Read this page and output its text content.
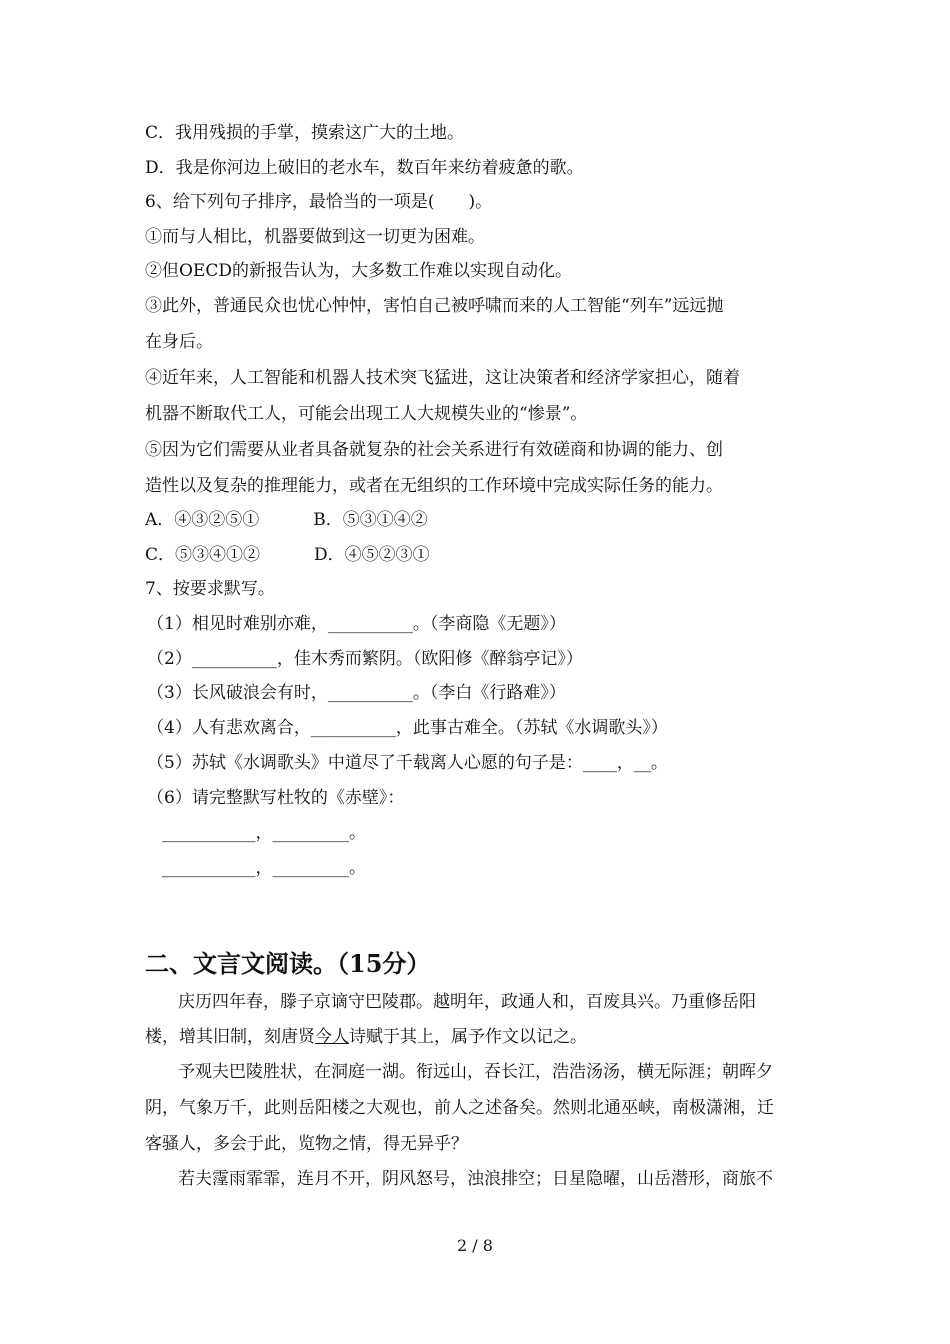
C．我用残损的手掌，摸索这广大的土地。
D．我是你河边上破旧的老水车，数百年来纺着疲惫的歌。
6、给下列句子排序，最恰当的一项是(　　)。
①而与人相比，机器要做到这一切更为困难。
②但OECD的新报告认为，大多数工作难以实现自动化。
③此外，普通民众也忧心忡忡，害怕自己被呼啸而来的人工智能“列车”远远抛
在身后。
④近年来，人工智能和机器人技术突飞猛进，这让决策者和经济学家担心，随着
机器不断取代工人，可能会出现工人大规模失业的“惨景”。
⑤因为它们需要从业者具备就复杂的社会关系进行有效磋商和协调的能力、创
造性以及复杂的推理能力，或者在无组织的工作环境中完成实际任务的能力。
A．④③②⑤①	B．⑤③①④②
C．⑤③④①②	D．④⑤②③①
7、按要求默写。
（1）相见时难别亦难，__________。（李商隐《无题》）
（2）__________，佳木秀而繁阴。（欧阳修《醉翁亭记》）
（3）长风破浪会有时，__________。（李白《行路难》）
（4）人有悲欢离合，__________，此事古难全。（苏轼《水调歌头》）
（5）苏轼《水调歌头》中道尽了千载离人心愿的句子是：____，__。
（6）请完整默写杜牧的《赤壁》：
___________，_________。
___________，_________。
二、文言文阅读。（15分）
庆历四年春，滕子京谪守巴陵郡。越明年，政通人和，百废具兴。乃重修岳阳
楼，增其旧制，刻唐贤今人诗赋于其上，属予作文以记之。
予观夫巴陵胜状，在洞庭一湖。衔远山，吞长江，浩浩汤汤，横无际涯；朝晖夕
阴，气象万千，此则岳阳楼之大观也，前人之述备矣。然则北通巫峡，南极潇湘，迁
客骚人，多会于此，览物之情，得无异乎？
若夫霪雨霏霏，连月不开，阴风怒号，浊浪排空；日星隐曜，山岳潜形，商旅不
2 / 8
